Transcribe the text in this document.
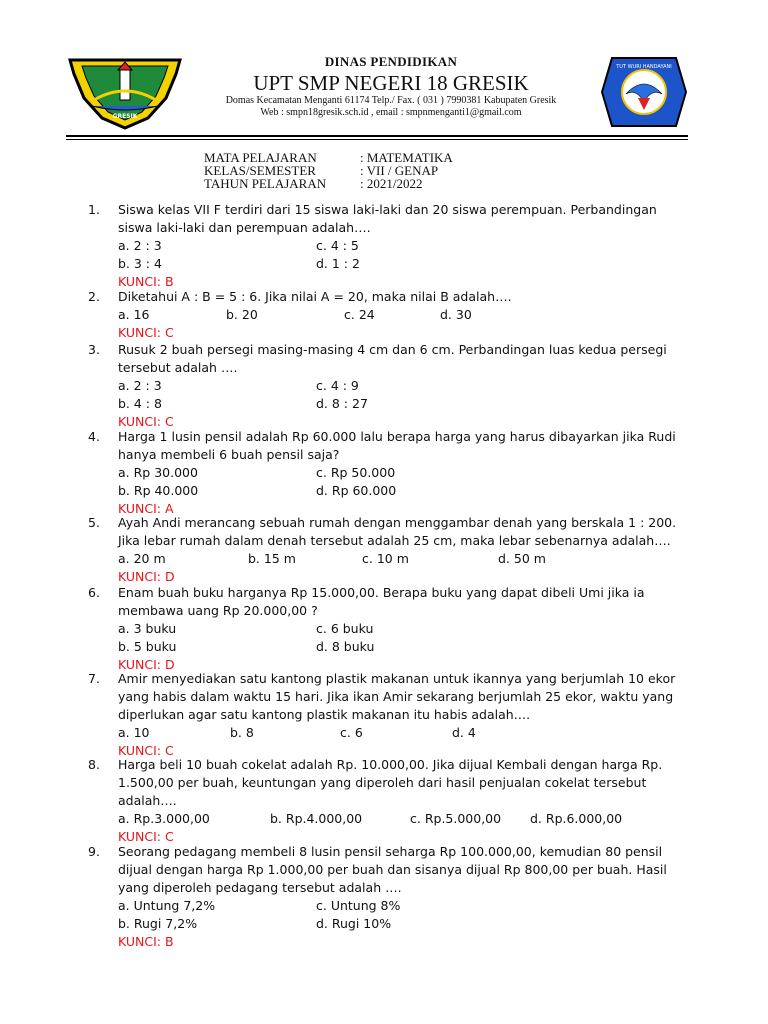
GRESIK
DINAS PENDIDIKAN
UPT SMP NEGERI 18 GRESIK
Domas Kecamatan Menganti 61174 Telp./ Fax. ( 031 ) 7990381 Kabupaten Gresik
Web : smpn18gresik.sch.id , email : smpnmenganti1@gmail.com
TUT WURI HANDAYANI
MATA PELAJARAN	: MATEMATIKA
KELAS/SEMESTER	: VII / GENAP
TAHUN PELAJARAN	: 2021/2022
1.	Siswa kelas VII F terdiri dari 15 siswa laki-laki dan 20 siswa perempuan. Perbandingan siswa laki-laki dan perempuan adalah….
a. 2 : 3	c. 4 : 5
b. 3 : 4	d. 1 : 2
KUNCI: B
2.	Diketahui A : B = 5 : 6. Jika nilai A = 20, maka nilai B adalah….
a. 16	b. 20	c. 24	d. 30
KUNCI: C
3.	Rusuk 2 buah persegi masing-masing 4 cm dan 6 cm. Perbandingan luas kedua persegi tersebut adalah ….
a. 2 : 3	c. 4 : 9
b. 4 : 8	d. 8 : 27
KUNCI: C
4.	Harga 1 lusin pensil adalah Rp 60.000 lalu berapa harga yang harus dibayarkan jika Rudi hanya membeli 6 buah pensil saja?
a. Rp 30.000	c. Rp 50.000
b. Rp 40.000	d. Rp 60.000
KUNCI: A
5.	Ayah Andi merancang sebuah rumah dengan menggambar denah yang berskala 1 : 200. Jika lebar rumah dalam denah tersebut adalah 25 cm, maka lebar sebenarnya adalah….
a. 20 m	b. 15 m	c. 10 m	d. 50 m
KUNCI: D
6.	Enam buah buku harganya Rp 15.000,00. Berapa buku yang dapat dibeli Umi jika ia membawa uang Rp 20.000,00 ?
a. 3 buku	c. 6 buku
b. 5 buku	d. 8 buku
KUNCI: D
7.	Amir menyediakan satu kantong plastik makanan untuk ikannya yang berjumlah 10 ekor yang habis dalam waktu 15 hari. Jika ikan Amir sekarang berjumlah 25 ekor, waktu yang diperlukan agar satu kantong plastik makanan itu habis adalah….
a. 10	b. 8	c. 6	d. 4
KUNCI: C
8.	Harga beli 10 buah cokelat adalah Rp. 10.000,00. Jika dijual Kembali dengan harga Rp. 1.500,00 per buah, keuntungan yang diperoleh dari hasil penjualan cokelat tersebut adalah….
a. Rp.3.000,00	b. Rp.4.000,00	c. Rp.5.000,00 d. Rp.6.000,00
KUNCI: C
9.	Seorang pedagang membeli 8 lusin pensil seharga Rp 100.000,00, kemudian 80 pensil dijual dengan harga Rp 1.000,00 per buah dan sisanya dijual Rp 800,00 per buah. Hasil yang diperoleh pedagang tersebut adalah ….
a. Untung 7,2%	c. Untung 8%
b. Rugi 7,2%	d. Rugi 10%
KUNCI: B
